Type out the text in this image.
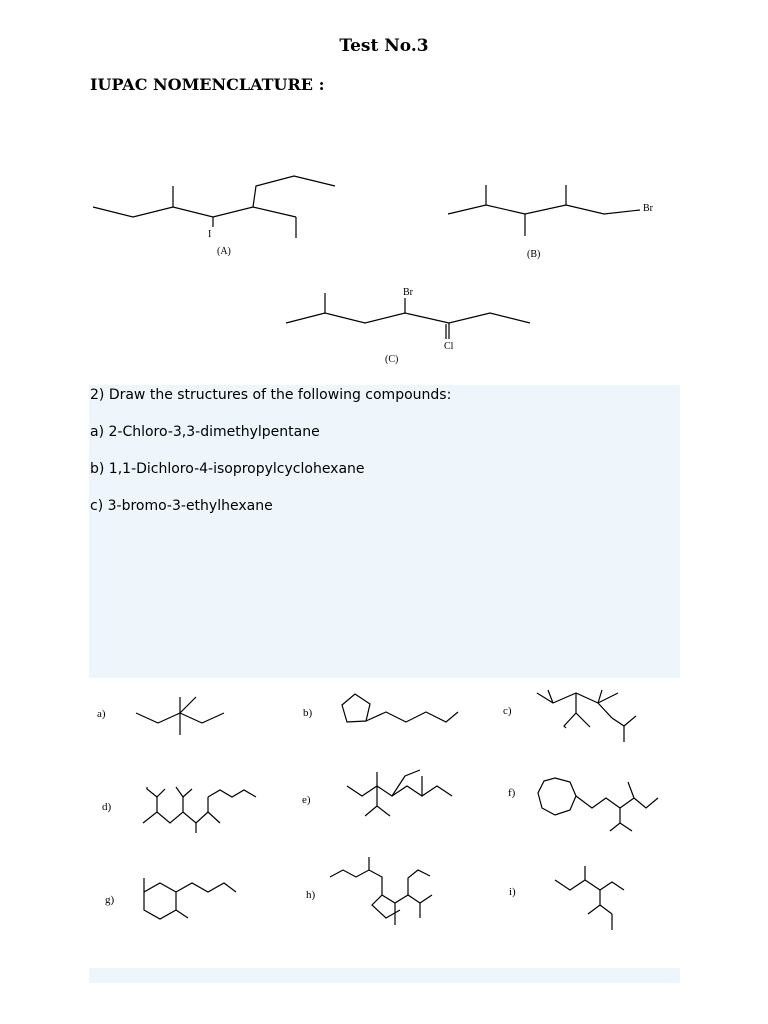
Test No.3
IUPAC NOMENCLATURE :
I
(A)
Br
(B)
Br
Cl
(C)
2) Draw the structures of the following compounds:
a) 2-Chloro-3,3-dimethylpentane
b) 1,1-Dichloro-4-isopropylcyclohexane
c) 3-bromo-3-ethylhexane
a)	b)	c)
d)
e)
f)
g)	h)	i)
